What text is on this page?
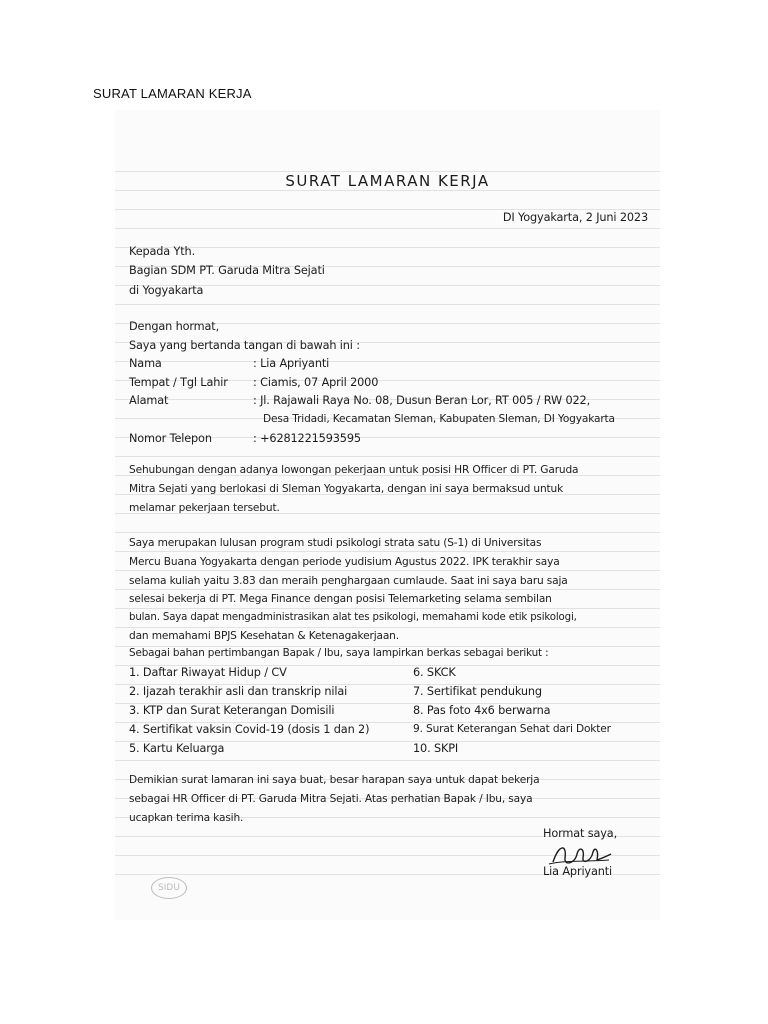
SURAT LAMARAN KERJA
SURAT LAMARAN KERJA
DI Yogyakarta, 2 Juni 2023
Kepada Yth.
Bagian SDM PT. Garuda Mitra Sejati
di Yogyakarta
Dengan hormat,
Saya yang bertanda tangan di bawah ini :
Nama	: Lia Apriyanti
Tempat / Tgl Lahir : Ciamis, 07 April 2000
Alamat	: Jl. Rajawali Raya No. 08, Dusun Beran Lor, RT 005 / RW 022,
Desa Tridadi, Kecamatan Sleman, Kabupaten Sleman, DI Yogyakarta
Nomor Telepon	: +6281221593595
Sehubungan dengan adanya lowongan pekerjaan untuk posisi HR Officer di PT. Garuda
Mitra Sejati yang berlokasi di Sleman Yogyakarta, dengan ini saya bermaksud untuk
melamar pekerjaan tersebut.
Saya merupakan lulusan program studi psikologi strata satu (S-1) di Universitas
Mercu Buana Yogyakarta dengan periode yudisium Agustus 2022. IPK terakhir saya
selama kuliah yaitu 3.83 dan meraih penghargaan cumlaude. Saat ini saya baru saja
selesai bekerja di PT. Mega Finance dengan posisi Telemarketing selama sembilan
bulan. Saya dapat mengadministrasikan alat tes psikologi, memahami kode etik psikologi,
dan memahami BPJS Kesehatan & Ketenagakerjaan.
Sebagai bahan pertimbangan Bapak / Ibu, saya lampirkan berkas sebagai berikut :
1. Daftar Riwayat Hidup / CV
2. Ijazah terakhir asli dan transkrip nilai
3. KTP dan Surat Keterangan Domisili
4. Sertifikat vaksin Covid-19 (dosis 1 dan 2)
5. Kartu Keluarga
6. SKCK
7. Sertifikat pendukung
8. Pas foto 4x6 berwarna
9. Surat Keterangan Sehat dari Dokter
10. SKPI
Demikian surat lamaran ini saya buat, besar harapan saya untuk dapat bekerja
sebagai HR Officer di PT. Garuda Mitra Sejati. Atas perhatian Bapak / Ibu, saya
ucapkan terima kasih.
Hormat saya,
Lia Apriyanti
SIDU
